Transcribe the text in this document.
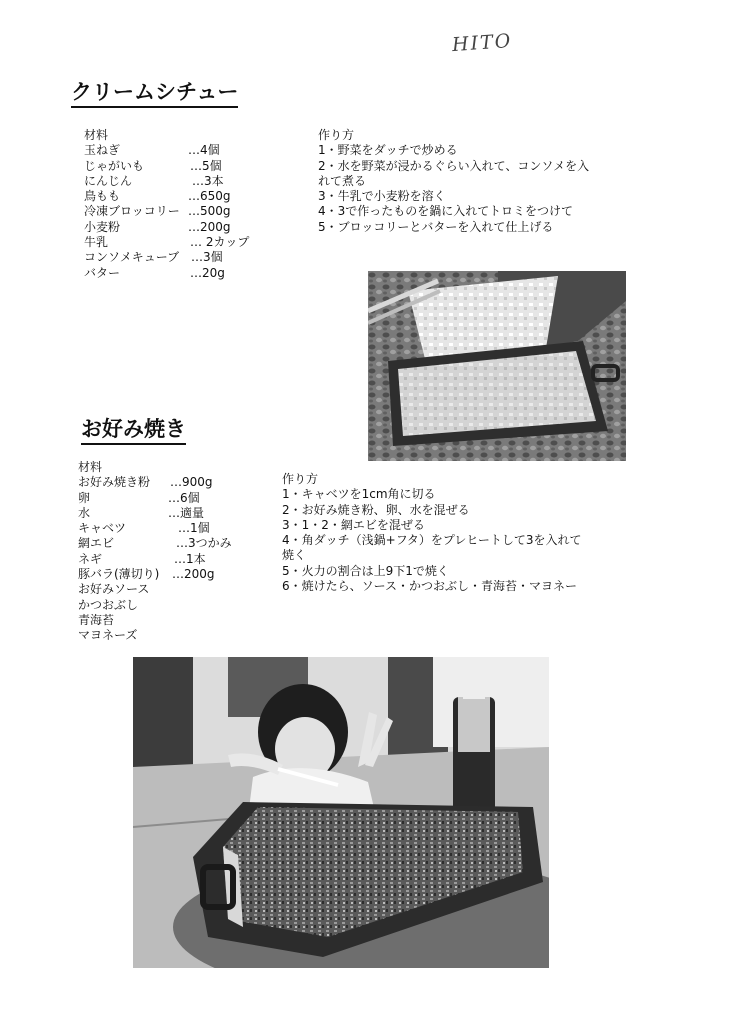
HITO
クリームシチュー
材料
玉ねぎ	…4個
じゃがいも	…5個
にんじん	…3本
鳥もも	…650g
冷凍ブロッコリー …500g
小麦粉	…200g
牛乳	… 2カップ
コンソメキューブ …3個
バター	…20g
作り方
1・野菜をダッチで炒める
2・水を野菜が浸かるぐらい入れて、コンソメを入
れて煮る
3・牛乳で小麦粉を溶く
4・3で作ったものを鍋に入れてトロミをつけて
5・ブロッコリーとバターを入れて仕上げる
お好み焼き
材料
お好み焼き粉 …900g
卵	…6個
水	…適量
キャベツ	…1個
網エビ	…3つかみ
ネギ	…1本
豚バラ(薄切り) …200g
お好みソース
かつおぶし
青海苔
マヨネーズ
作り方
1・キャベツを1cm角に切る
2・お好み焼き粉、卵、水を混ぜる
3・1・2・網エビを混ぜる
4・角ダッチ（浅鍋+フタ）をプレヒートして3を入れて
焼く
5・火力の割合は上9下1で焼く
6・焼けたら、ソース・かつおぶし・青海苔・マヨネー
